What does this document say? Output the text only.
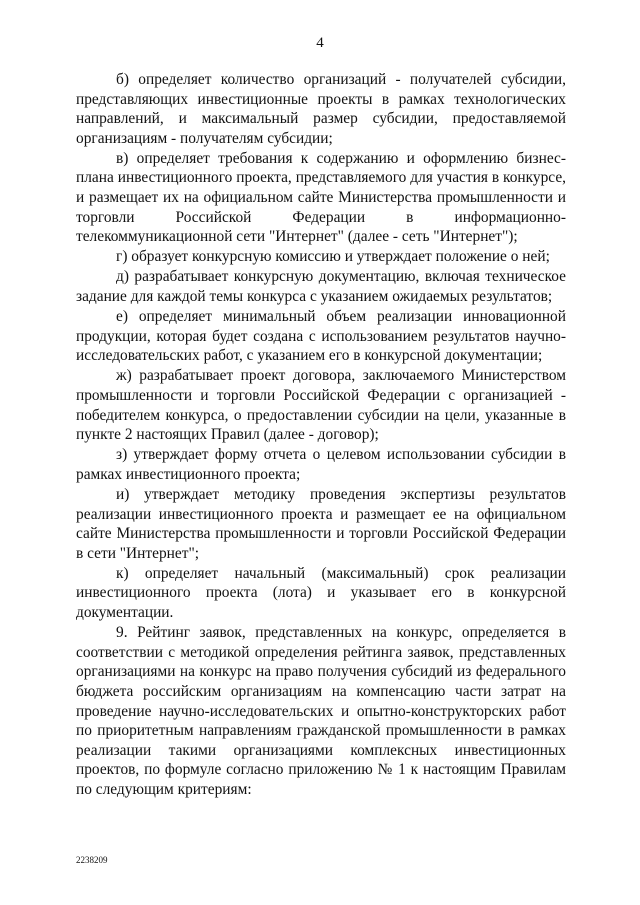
4

б) определяет количество организаций - получателей субсидии, представляющих инвестиционные проекты в рамках технологических направлений, и максимальный размер субсидии, предоставляемой организациям - получателям субсидии;

в) определяет требования к содержанию и оформлению бизнес-плана инвестиционного проекта, представляемого для участия в конкурсе, и размещает их на официальном сайте Министерства промышленности и торговли Российской Федерации в информационно-телекоммуникационной сети "Интернет" (далее - сеть "Интернет");

г) образует конкурсную комиссию и утверждает положение о ней;

д) разрабатывает конкурсную документацию, включая техническое задание для каждой темы конкурса с указанием ожидаемых результатов;

е) определяет минимальный объем реализации инновационной продукции, которая будет создана с использованием результатов научно-исследовательских работ, с указанием его в конкурсной документации;

ж) разрабатывает проект договора, заключаемого Министерством промышленности и торговли Российской Федерации с организацией - победителем конкурса, о предоставлении субсидии на цели, указанные в пункте 2 настоящих Правил (далее - договор);

з) утверждает форму отчета о целевом использовании субсидии в рамках инвестиционного проекта;

и) утверждает методику проведения экспертизы результатов реализации инвестиционного проекта и размещает ее на официальном сайте Министерства промышленности и торговли Российской Федерации в сети "Интернет";

к) определяет начальный (максимальный) срок реализации инвестиционного проекта (лота) и указывает его в конкурсной документации.

9. Рейтинг заявок, представленных на конкурс, определяется в соответствии с методикой определения рейтинга заявок, представленных организациями на конкурс на право получения субсидий из федерального бюджета российским организациям на компенсацию части затрат на проведение научно-исследовательских и опытно-конструкторских работ по приоритетным направлениям гражданской промышленности в рамках реализации такими организациями комплексных инвестиционных проектов, по формуле согласно приложению № 1 к настоящим Правилам по следующим критериям:

2238209
